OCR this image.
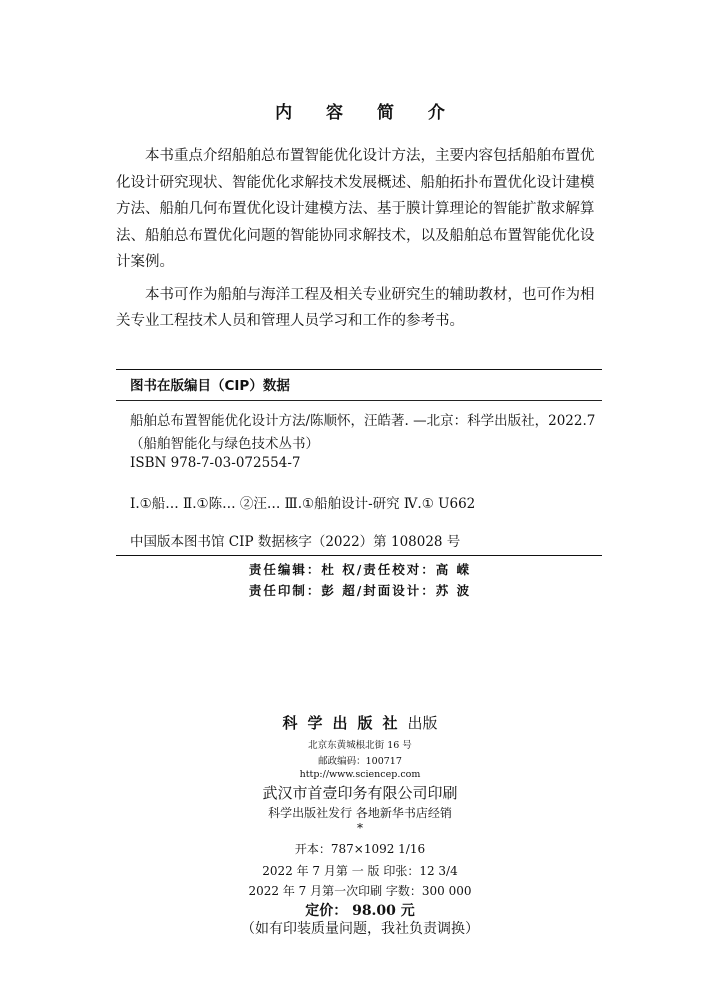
内 容 简 介

本书重点介绍船舶总布置智能优化设计方法，主要内容包括船舶布置优化设计研究现状、智能优化求解技术发展概述、船舶拓扑布置优化设计建模方法、船舶几何布置优化设计建模方法、基于膜计算理论的智能扩散求解算法、船舶总布置优化问题的智能协同求解技术，以及船舶总布置智能优化设计案例。

本书可作为船舶与海洋工程及相关专业研究生的辅助教材，也可作为相关专业工程技术人员和管理人员学习和工作的参考书。

图书在版编目（CIP）数据
船舶总布置智能优化设计方法/陈顺怀，汪皓著. —北京：科学出版社，2022.7
（船舶智能化与绿色技术丛书）
ISBN 978-7-03-072554-7
Ⅰ.①船… Ⅱ.①陈… ②汪… Ⅲ.①船舶设计-研究 Ⅳ.① U662
中国版本图书馆 CIP 数据核字（2022）第 108028 号
责任编辑：杜 权/责任校对：高 嵘
责任印制：彭 超/封面设计：苏 波
科学出版社出版
北京东黄城根北街 16 号
邮政编码：100717
http://www.sciencep.com
武汉市首壹印务有限公司印刷
科学出版社发行 各地新华书店经销
*
开本：787×1092 1/16
2022 年 7 月第 一 版 印张：12 3/4
2022 年 7 月第一次印刷 字数：300 000
定价： 98.00 元
（如有印装质量问题，我社负责调换）
